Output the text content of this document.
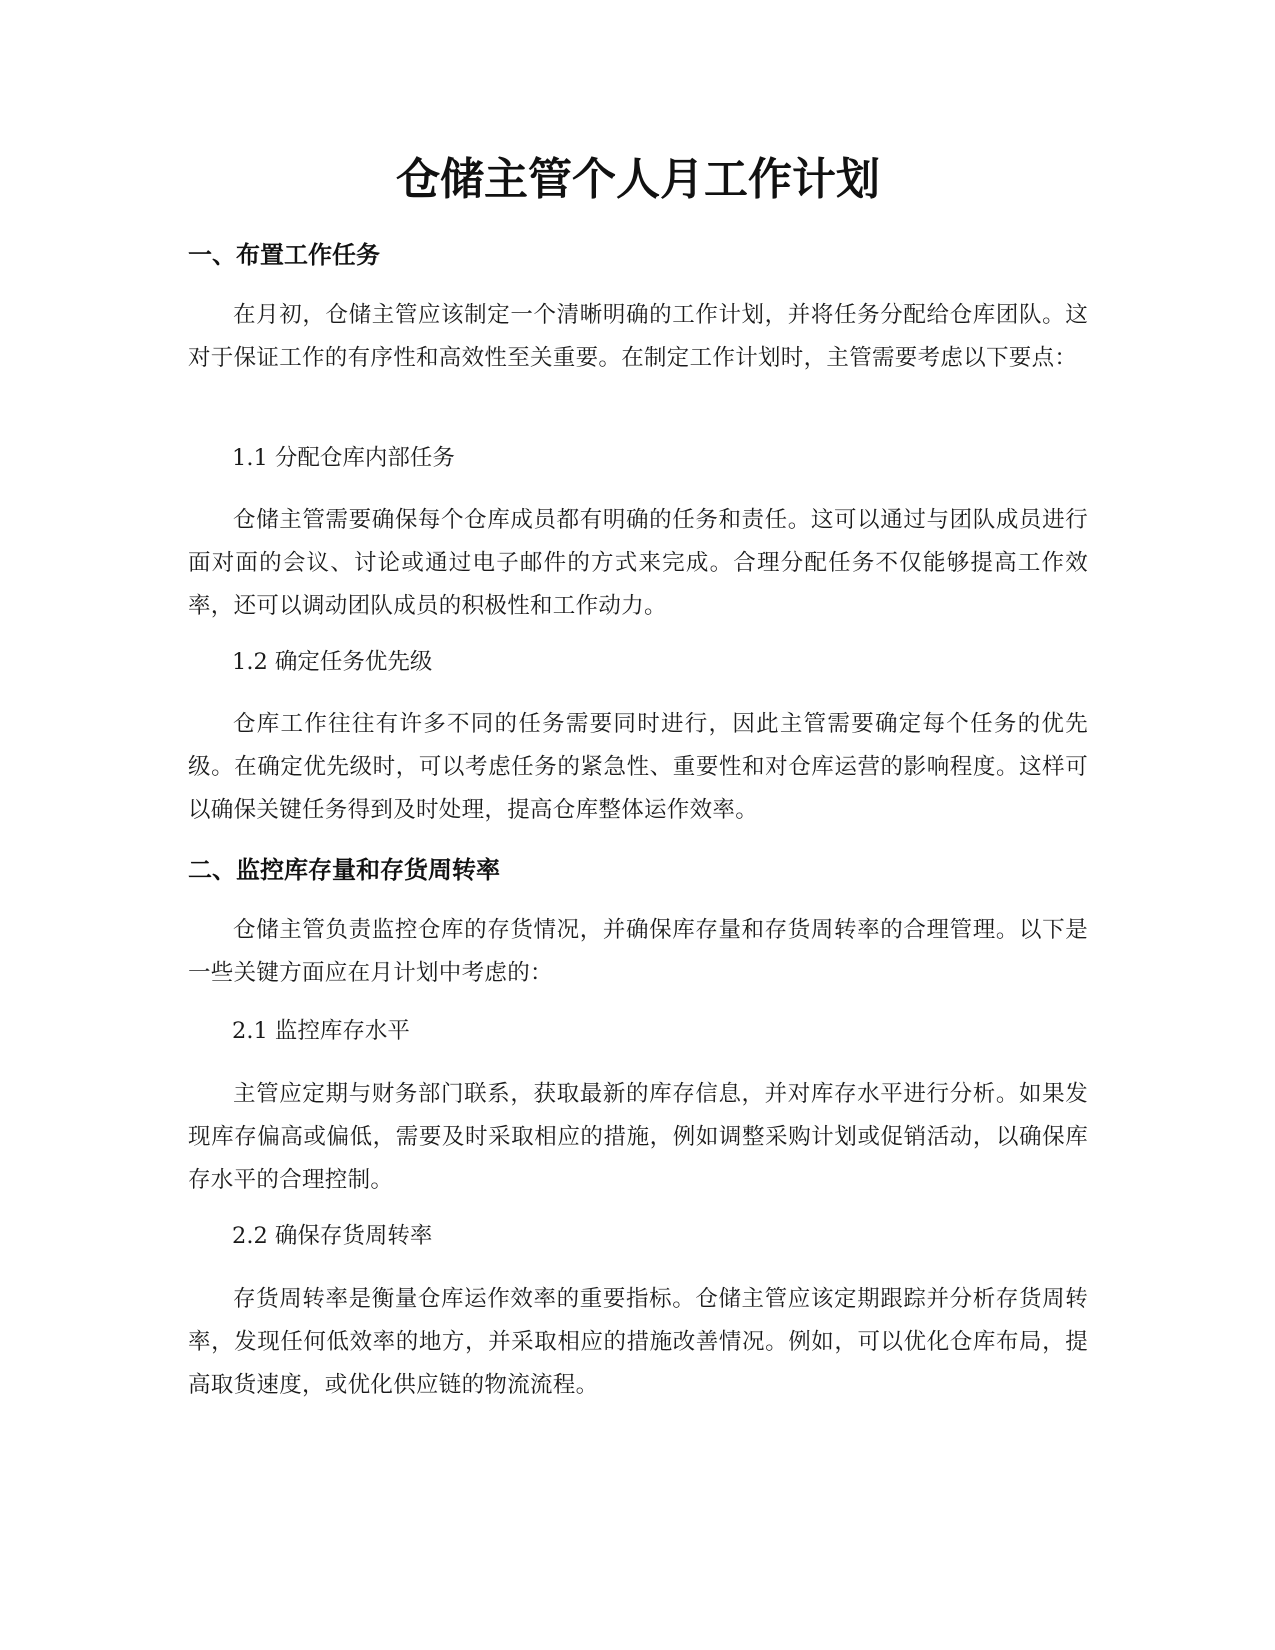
仓储主管个人月工作计划
一、布置工作任务

在月初，仓储主管应该制定一个清晰明确的工作计划，并将任务分配给仓库团队。这对于保证工作的有序性和高效性至关重要。在制定工作计划时，主管需要考虑以下要点：

1.1 分配仓库内部任务

仓储主管需要确保每个仓库成员都有明确的任务和责任。这可以通过与团队成员进行面对面的会议、讨论或通过电子邮件的方式来完成。合理分配任务不仅能够提高工作效率，还可以调动团队成员的积极性和工作动力。

1.2 确定任务优先级

仓库工作往往有许多不同的任务需要同时进行，因此主管需要确定每个任务的优先级。在确定优先级时，可以考虑任务的紧急性、重要性和对仓库运营的影响程度。这样可以确保关键任务得到及时处理，提高仓库整体运作效率。

二、监控库存量和存货周转率

仓储主管负责监控仓库的存货情况，并确保库存量和存货周转率的合理管理。以下是一些关键方面应在月计划中考虑的：

2.1 监控库存水平

主管应定期与财务部门联系，获取最新的库存信息，并对库存水平进行分析。如果发现库存偏高或偏低，需要及时采取相应的措施，例如调整采购计划或促销活动，以确保库存水平的合理控制。

2.2 确保存货周转率

存货周转率是衡量仓库运作效率的重要指标。仓储主管应该定期跟踪并分析存货周转率，发现任何低效率的地方，并采取相应的措施改善情况。例如，可以优化仓库布局，提高取货速度，或优化供应链的物流流程。
